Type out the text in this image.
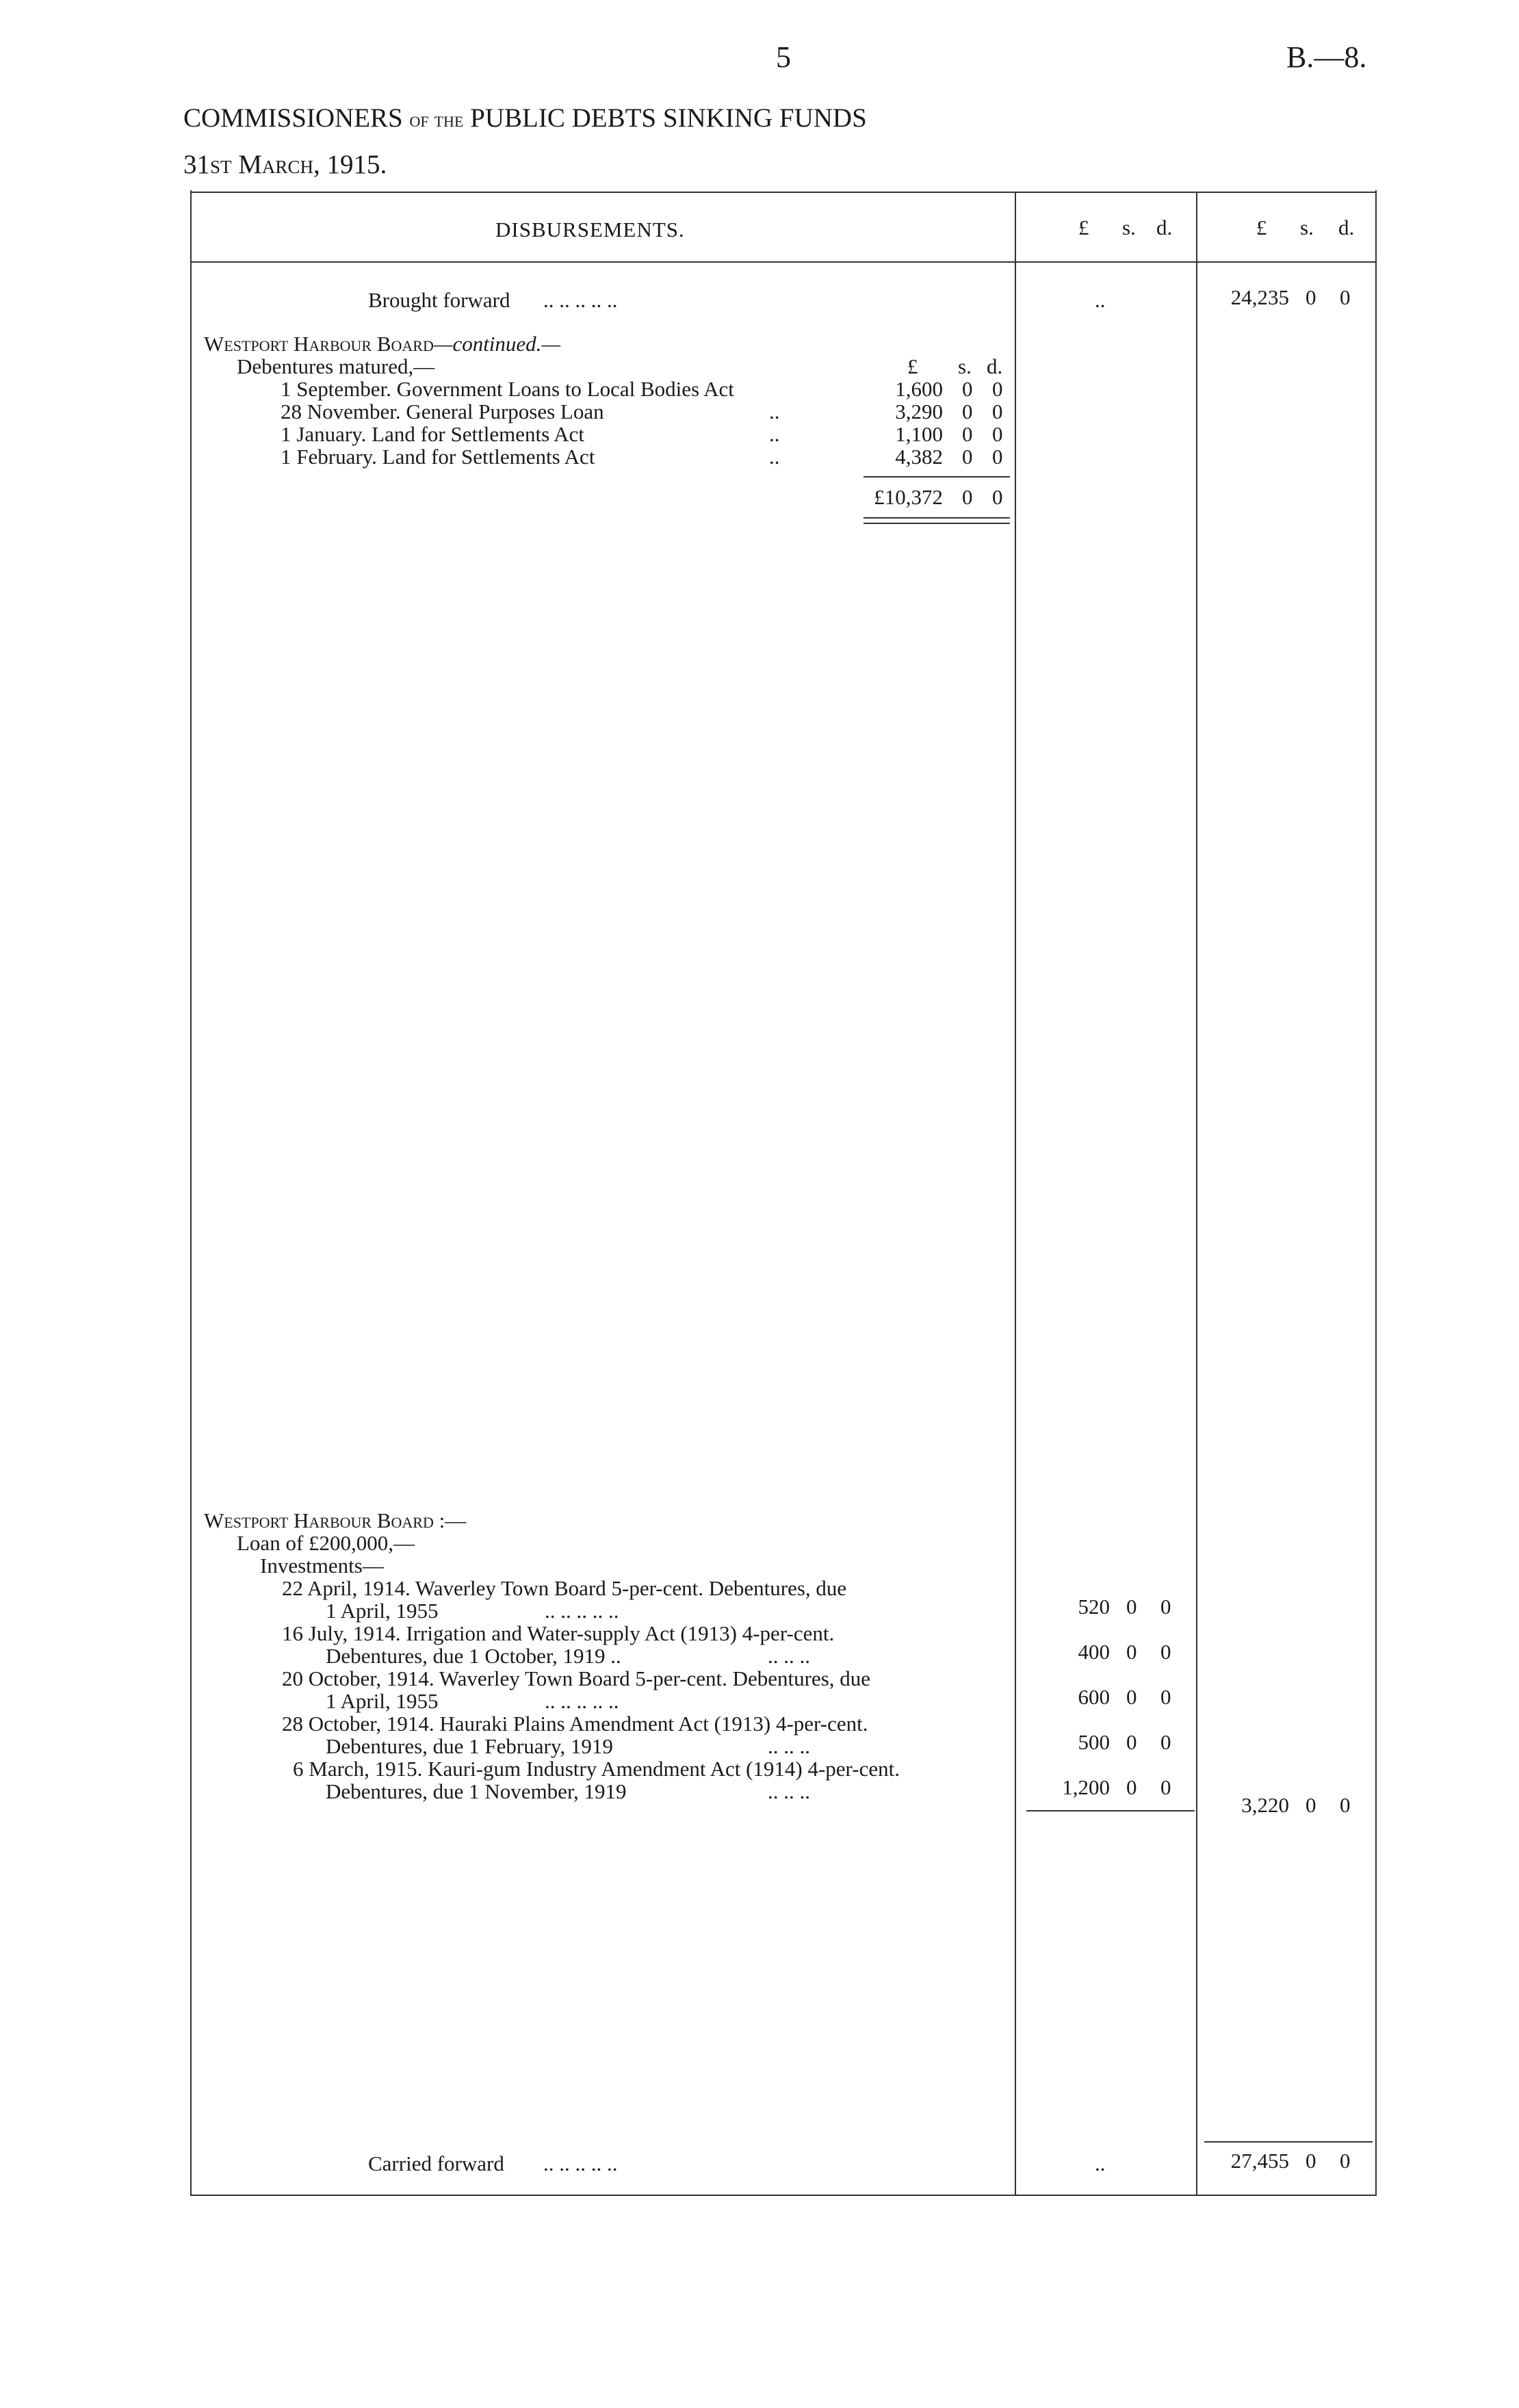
5	B.—8.
COMMISSIONERS of the PUBLIC DEBTS SINKING FUNDS
31st March, 1915.
DISBURSEMENTS.	£ s. d.	£ s. d.
Brought forward .. .. .. .. ..	..	24,235 0 0
Westport Harbour Board—continued.—
Debentures matured,—	£ s. d.
1 September. Government Loans to Local Bodies Act	1,600 0 0
28 November. General Purposes Loan	..	3,290 0 0
1 January. Land for Settlements Act	..	1,100 0 0
1 February. Land for Settlements Act	..	4,382 0 0
£10,372 0 0
Westport Harbour Board :—
Loan of £200,000,—
Investments—
22 April, 1914. Waverley Town Board 5-per-cent. Debentures, due
1 April, 1955	.. .. .. .. ..	520 0 0
16 July, 1914. Irrigation and Water-supply Act (1913) 4-per-cent.
Debentures, due 1 October, 1919 ..	.. .. ..	400 0 0
20 October, 1914. Waverley Town Board 5-per-cent. Debentures, due
1 April, 1955	.. .. .. .. ..	600 0 0
28 October, 1914. Hauraki Plains Amendment Act (1913) 4-per-cent.
Debentures, due 1 February, 1919	.. .. ..	500 0 0
6 March, 1915. Kauri-gum Industry Amendment Act (1914) 4-per-cent.
Debentures, due 1 November, 1919	.. .. ..	1,200 0 0
3,220 0 0
Carried forward .. .. .. .. ..	..	27,455 0 0
